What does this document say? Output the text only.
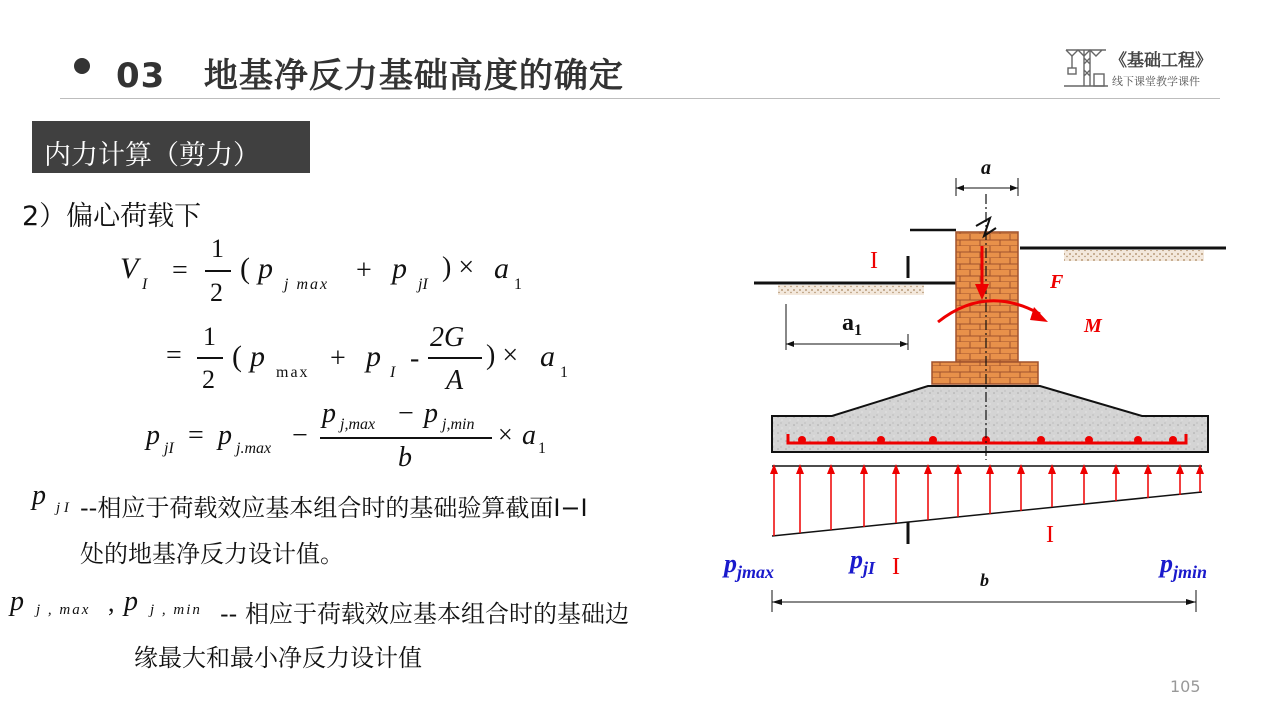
03 地基净反力基础高度的确定	《基础工程》
线下课堂教学课件
内力计算（剪力）
2）偏心荷载下
V I =
1
2
( p j max + p jI
) × a 1
=
1
2
( p max + p I -
2G
A
) × a 1
p jI = p j.max −
p j,max − p j,min
b
× a 1
p j I --相应于荷载效应基本组合时的基础验算截面I−I
处的地基净反力设计值。
p j , max , p j , min -- 相应于荷载效应基本组合时的基础边
缘最大和最小净反力设计值
a
$a_1$
I
I
I
F
M
$p_{jmax}$	$p_{jI}$	$p_{jmin}$
b
105
